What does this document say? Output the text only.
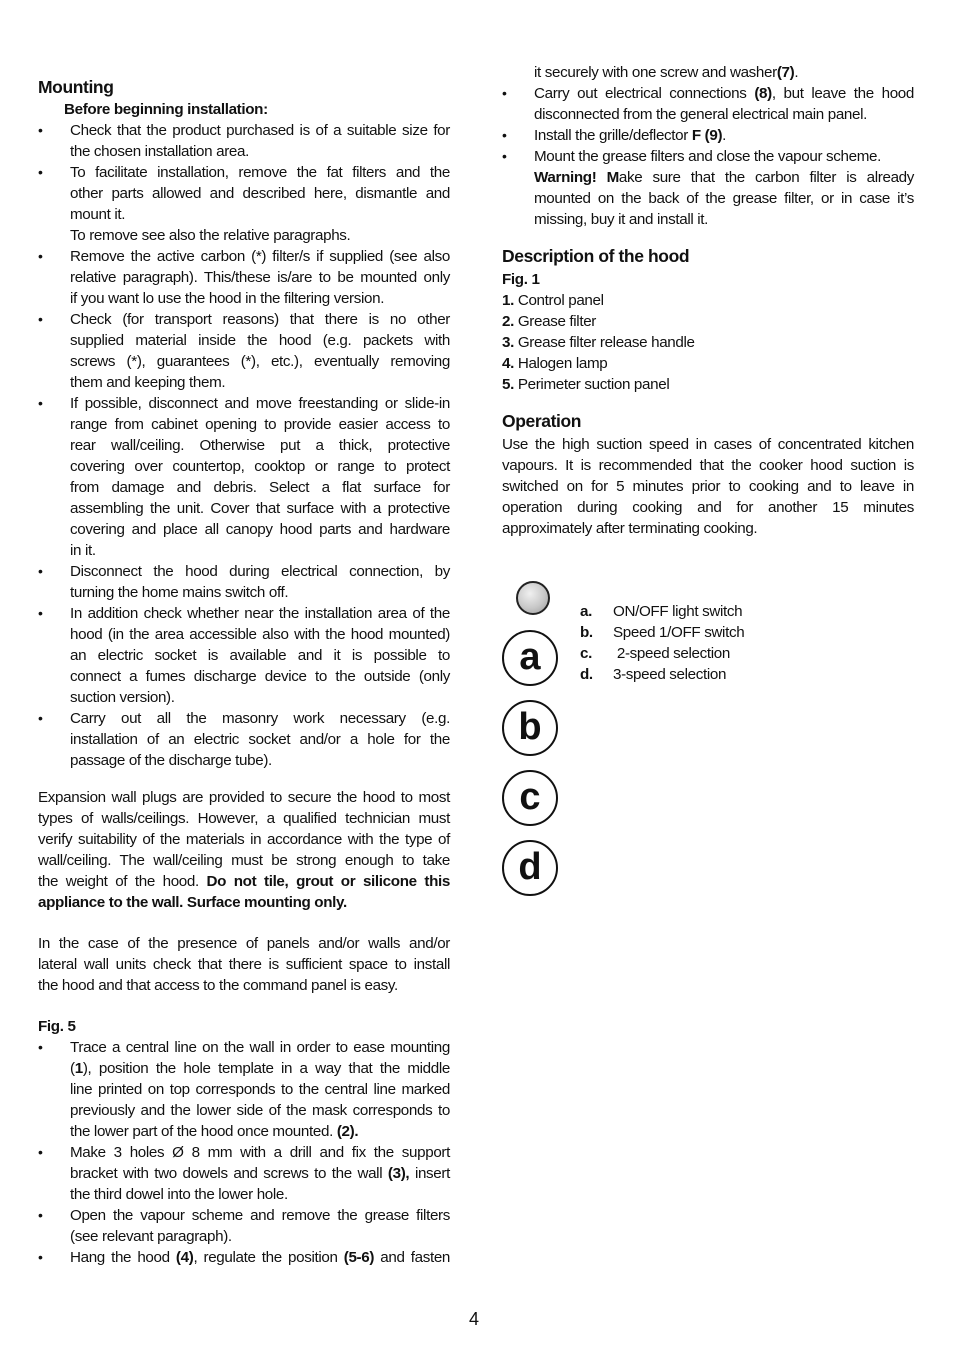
Mounting
Before beginning installation:
• Check that the product purchased is of a suitable size for
the chosen installation area.
• To facilitate installation, remove the fat filters and the
other parts allowed and described here, dismantle and
mount it.
To remove see also the relative paragraphs.
• Remove the active carbon (*) filter/s if supplied (see also
relative paragraph). This/these is/are to be mounted only
if you want lo use the hood in the filtering version.
• Check (for transport reasons) that there is no other
supplied material inside the hood (e.g. packets with
screws (*), guarantees (*), etc.), eventually removing
them and keeping them.
• If possible, disconnect and move freestanding or slide-in
range from cabinet opening to provide easier access to
rear wall/ceiling. Otherwise put a thick, protective
covering over countertop, cooktop or range to protect
from damage and debris. Select a flat surface for
assembling the unit. Cover that surface with a protective
covering and place all canopy hood parts and hardware
in it.
• Disconnect the hood during electrical connection, by
turning the home mains switch off.
• In addition check whether near the installation area of the
hood (in the area accessible also with the hood mounted)
an electric socket is available and it is possible to
connect a fumes discharge device to the outside (only
suction version).
• Carry out all the masonry work necessary (e.g.
installation of an electric socket and/or a hole for the
passage of the discharge tube).
Expansion wall plugs are provided to secure the hood to most
types of walls/ceilings. However, a qualified technician must
verify suitability of the materials in accordance with the type of
wall/ceiling. The wall/ceiling must be strong enough to take
the weight of the hood. Do not tile, grout or silicone this
appliance to the wall. Surface mounting only.
In the case of the presence of panels and/or walls and/or
lateral wall units check that there is sufficient space to install
the hood and that access to the command panel is easy.
Fig. 5
• Trace a central line on the wall in order to ease mounting
(1), position the hole template in a way that the middle
line printed on top corresponds to the central line marked
previously and the lower side of the mask corresponds to
the lower part of the hood once mounted. (2).
• Make 3 holes Ø 8 mm with a drill and fix the support
bracket with two dowels and screws to the wall (3), insert
the third dowel into the lower hole.
• Open the vapour scheme and remove the grease filters
(see relevant paragraph).
• Hang the hood (4), regulate the position (5-6) and fasten
it securely with one screw and washer(7).
• Carry out electrical connections (8), but leave the hood
disconnected from the general electrical main panel.
• Install the grille/deflector F (9).
• Mount the grease filters and close the vapour scheme.
Warning! Make sure that the carbon filter is already
mounted on the back of the grease filter, or in case it’s
missing, buy it and install it.
Description of the hood
Fig. 1
1. Control panel
2. Grease filter
3. Grease filter release handle
4. Halogen lamp
5. Perimeter suction panel
Operation
Use the high suction speed in cases of concentrated kitchen
vapours. It is recommended that the cooker hood suction is
switched on for 5 minutes prior to cooking and to leave in
operation during cooking and for another 15 minutes
approximately after terminating cooking.
a
b
c
d
a. ON/OFF light switch
b. Speed 1/OFF switch
c. 2-speed selection
d. 3-speed selection
4
